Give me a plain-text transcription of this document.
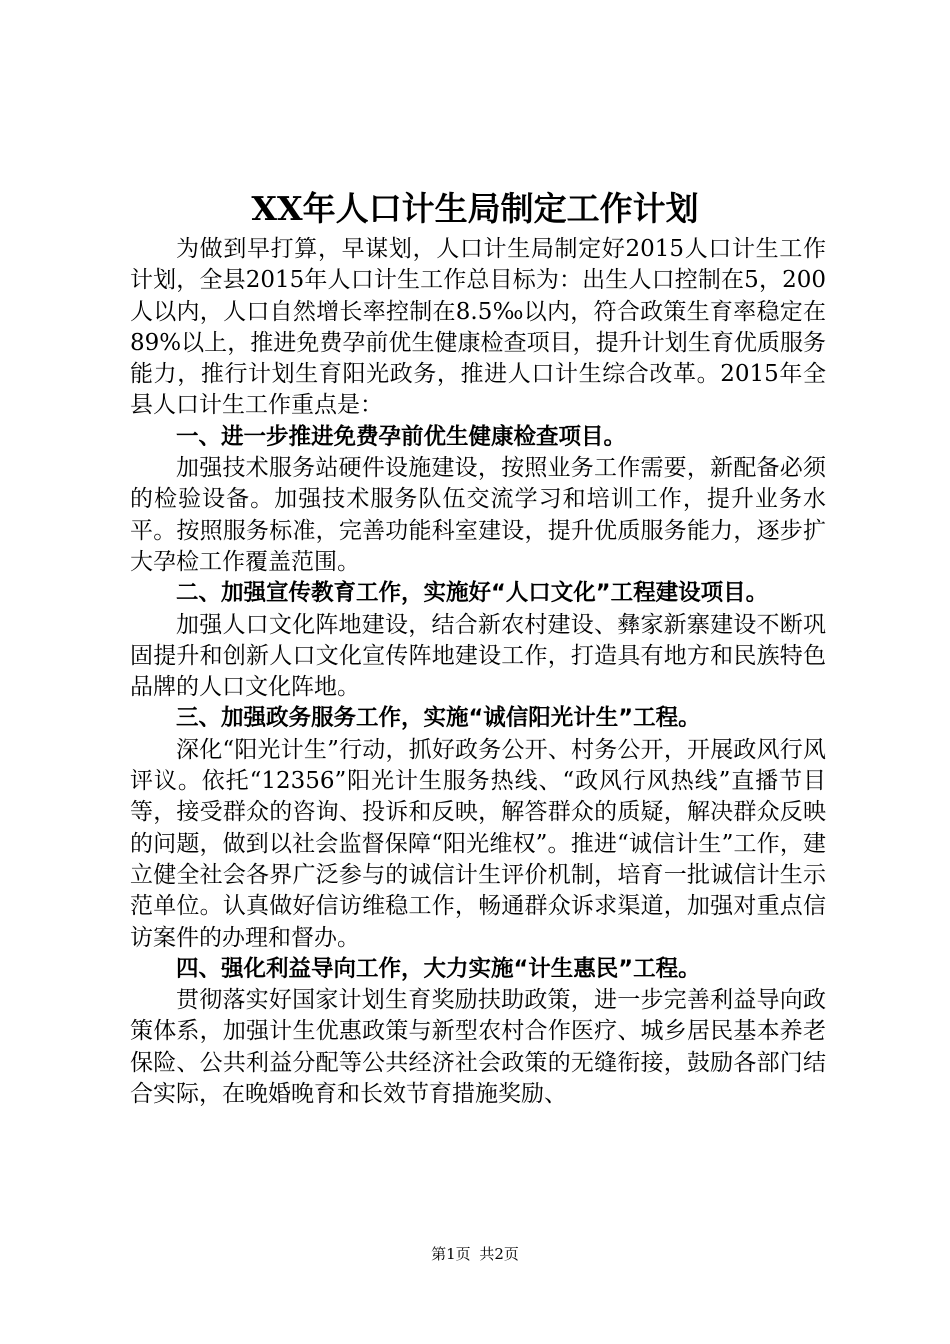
XX年人口计生局制定工作计划

为做到早打算，早谋划，人口计生局制定好2015人口计生工作计划，全县2015年人口计生工作总目标为：出生人口控制在5，200人以内，人口自然增长率控制在8.5‰以内，符合政策生育率稳定在89%以上，推进免费孕前优生健康检查项目，提升计划生育优质服务能力，推行计划生育阳光政务，推进人口计生综合改革。2015年全县人口计生工作重点是：

一、进一步推进免费孕前优生健康检查项目。

加强技术服务站硬件设施建设，按照业务工作需要，新配备必须的检验设备。加强技术服务队伍交流学习和培训工作，提升业务水平。按照服务标准，完善功能科室建设，提升优质服务能力，逐步扩大孕检工作覆盖范围。

二、加强宣传教育工作，实施好“人口文化”工程建设项目。

加强人口文化阵地建设，结合新农村建设、彝家新寨建设不断巩固提升和创新人口文化宣传阵地建设工作，打造具有地方和民族特色品牌的人口文化阵地。

三、加强政务服务工作，实施“诚信阳光计生”工程。

深化“阳光计生”行动，抓好政务公开、村务公开，开展政风行风评议。依托“12356”阳光计生服务热线、“政风行风热线”直播节目等，接受群众的咨询、投诉和反映，解答群众的质疑，解决群众反映的问题，做到以社会监督保障“阳光维权”。推进“诚信计生”工作，建立健全社会各界广泛参与的诚信计生评价机制，培育一批诚信计生示范单位。认真做好信访维稳工作，畅通群众诉求渠道，加强对重点信访案件的办理和督办。

四、强化利益导向工作，大力实施“计生惠民”工程。

贯彻落实好国家计划生育奖励扶助政策，进一步完善利益导向政策体系，加强计生优惠政策与新型农村合作医疗、城乡居民基本养老保险、公共利益分配等公共经济社会政策的无缝衔接，鼓励各部门结合实际，在晚婚晚育和长效节育措施奖励、

第1页 共2页
